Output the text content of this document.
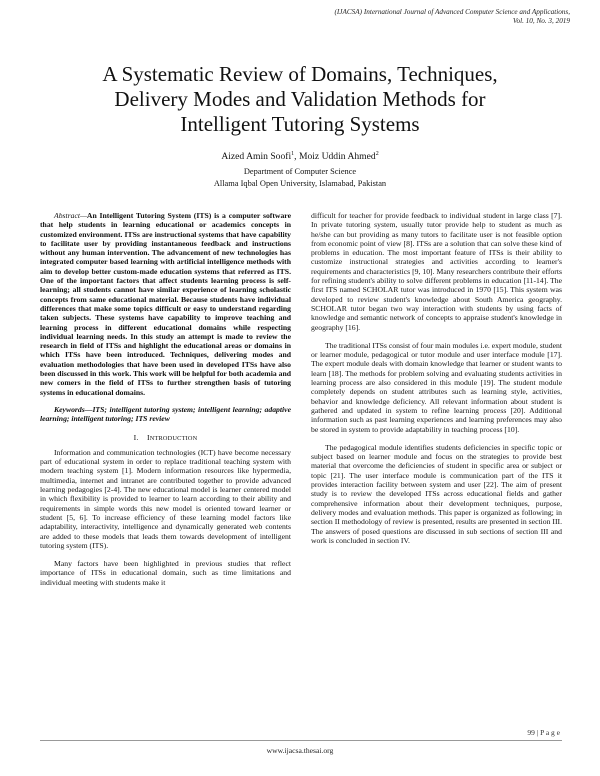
(IJACSA) International Journal of Advanced Computer Science and Applications,
Vol. 10, No. 3, 2019
A Systematic Review of Domains, Techniques,
Delivery Modes and Validation Methods for
Intelligent Tutoring Systems
Aized Amin Soofi$^1$, Moiz Uddin Ahmed$^2$
Department of Computer Science
Allama Iqbal Open University, Islamabad, Pakistan

Abstract—An Intelligent Tutoring System (ITS) is a computer software that help students in learning educational or academics concepts in customized environment. ITSs are instructional systems that have capability to facilitate user by providing instantaneous feedback and instructions without any human intervention. The advancement of new technologies has integrated computer based learning with artificial intelligence methods with aim to develop better custom-made education systems that referred as ITS. One of the important factors that affect students learning process is self-learning; all students cannot have similar experience of learning scholastic concepts from same educational material. Because students have individual differences that make some topics difficult or easy to understand regarding taken subjects. These systems have capability to improve teaching and learning process in different educational domains while respecting individual learning needs. In this study an attempt is made to review the research in field of ITSs and highlight the educational areas or domains in which ITSs have been introduced. Techniques, delivering modes and evaluation methodologies that have been used in developed ITSs have also been discussed in this work. This work will be helpful for both academia and new comers in the field of ITSs to further strengthen basis of tutoring systems in educational domains.

Keywords—ITS; intelligent tutoring system; intelligent learning; adaptive learning; intelligent tutoring; ITS review

I. INTRODUCTION

Information and communication technologies (ICT) have become necessary part of educational system in order to replace traditional teaching system with modern teaching system [1]. Modern information resources like hypermedia, multimedia, internet and intranet are contributed together to provide advanced learning pedagogies [2-4]. The new educational model is learner centered model in which flexibility is provided to learner to learn according to their ability and requirements in simple words this new model is oriented toward learner or student [5, 6]. To increase efficiency of these learning model factors like adaptability, interactivity, intelligence and dynamically generated web contents are added to these models that leads them towards development of intelligent tutoring system (ITS).

Many factors have been highlighted in previous studies that reflect importance of ITSs in educational domain, such as time limitations and individual meeting with students make it

difficult for teacher for provide feedback to individual student in large class [7]. In private tutoring system, usually tutor provide help to student as much as he/she can but providing as many tutors to facilitate user is not feasible option from economic point of view [8]. ITSs are a solution that can solve these kind of problems in education. The most important feature of ITSs is their ability to customize instructional strategies and activities according to learner's requirements and characteristics [9, 10]. Many researchers contribute their efforts for refining student's ability to solve different problems in education [11-14]. The first ITS named SCHOLAR tutor was introduced in 1970 [15]. This system was developed to review student's knowledge about South America geography. SCHOLAR tutor began two way interaction with students by using facts of knowledge and semantic network of concepts to appraise student's knowledge in geography [16].

The traditional ITSs consist of four main modules i.e. expert module, student or learner module, pedagogical or tutor module and user interface module [17]. The expert module deals with domain knowledge that learner or student wants to learn [18]. The methods for problem solving and evaluating students activities in learning process are also considered in this module [19]. The student module completely depends on student attributes such as learning style, activities, behavior and knowledge deficiency. All relevant information about student is gathered and updated in system to refine learning process [20]. Additional information such as past learning experiences and learning preferences may also be stored in system to provide adaptability in teaching process [10].

The pedagogical module identifies students deficiencies in specific topic or subject based on learner module and focus on the strategies to provide best material that overcome the deficiencies of student in specific area or subject or topic [21]. The user interface module is communication part of the ITS it provides interaction facility between system and user [22]. The aim of present study is to review the developed ITSs across educational fields and gather comprehensive information about their development techniques, purpose, delivery modes and evaluation methods. This paper is organized as following; in section II methodology of review is presented, results are presented in section III. The answers of posed questions are discussed in sub sections of section III and work is concluded in section IV.

99 | P a g e
www.ijacsa.thesai.org
